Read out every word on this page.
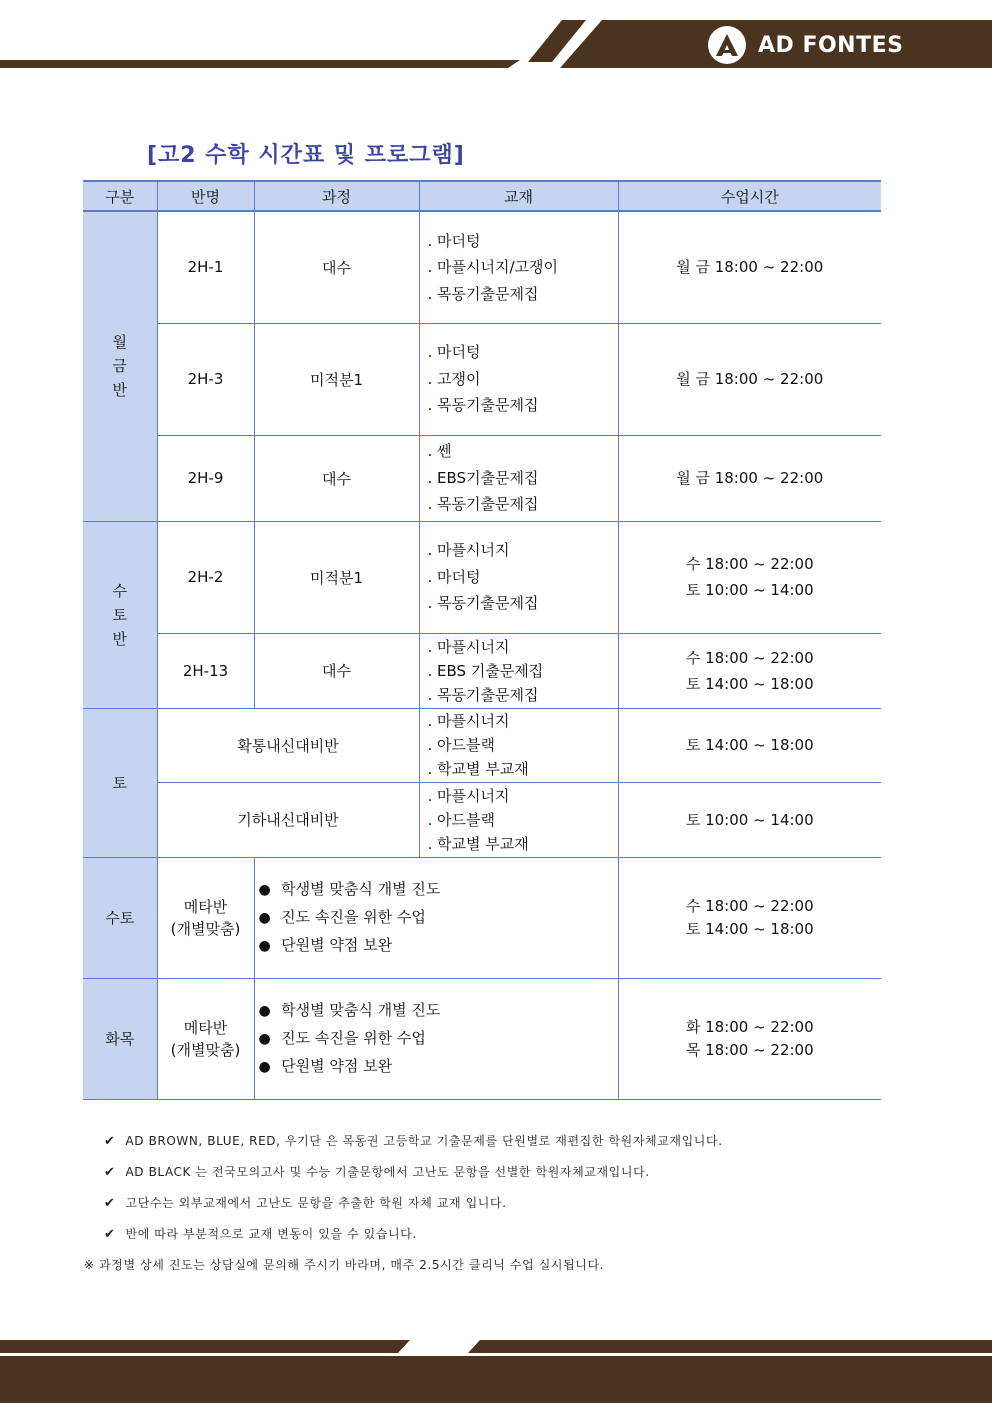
AD FONTES
[고2 수학 시간표 및 프로그램]
구분	반명	과정	교재	수업시간

월
금
반	2H-1	대수	. 마더텅
. 마플시너지/고쟁이
. 목동기출문제집	월 금 18:00 ~ 22:00

	2H-3	미적분1	. 마더텅
. 고쟁이
. 목동기출문제집	월 금 18:00 ~ 22:00

	2H-9	대수	. 쎈
. EBS기출문제집
. 목동기출문제집	월 금 18:00 ~ 22:00

수
토
반	2H-2	미적분1	. 마플시너지
. 마더텅
. 목동기출문제집	수 18:00 ~ 22:00
토 10:00 ~ 14:00

	2H-13	대수	. 마플시너지
. EBS 기출문제집
. 목동기출문제집	수 18:00 ~ 22:00
토 14:00 ~ 18:00

토	확통내신대비반		. 마플시너지
. 아드블랙
. 학교별 부교재	토 14:00 ~ 18:00

	기하내신대비반		. 마플시너지
. 아드블랙
. 학교별 부교재	토 10:00 ~ 14:00

수토	메타반
(개별맞춤)	● 학생별 맞춤식 개별 진도
● 진도 속진을 위한 수업
● 단원별 약점 보완		수 18:00 ~ 22:00
토 14:00 ~ 18:00

화목	메타반
(개별맞춤)	● 학생별 맞춤식 개별 진도
● 진도 속진을 위한 수업
● 단원별 약점 보완		화 18:00 ~ 22:00
목 18:00 ~ 22:00
✔ AD BROWN, BLUE, RED, 우기단 은 목동권 고등학교 기출문제를 단원별로 재편집한 학원자체교재입니다.
✔ AD BLACK 는 전국모의고사 및 수능 기출문항에서 고난도 문항을 선별한 학원자체교재입니다.
✔ 고단수는 외부교재에서 고난도 문항을 추출한 학원 자체 교재 입니다.
✔ 반에 따라 부분적으로 교재 변동이 있을 수 있습니다.
※ 과정별 상세 진도는 상담실에 문의해 주시기 바라며, 매주 2.5시간 클리닉 수업 실시됩니다.
